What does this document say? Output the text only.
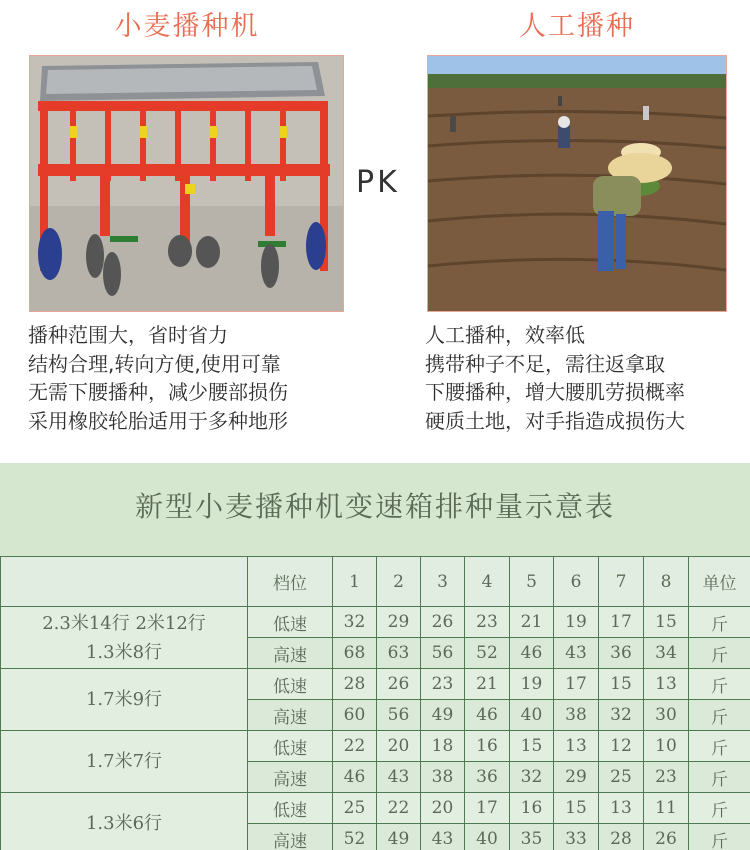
小麦播种机	人工播种
PK
播种范围大，省时省力
结构合理,转向方便,使用可靠
无需下腰播种，减少腰部损伤
采用橡胶轮胎适用于多种地形
人工播种，效率低
携带种子不足，需往返拿取
下腰播种，增大腰肌劳损概率
硬质土地，对手指造成损伤大
新型小麦播种机变速箱排种量示意表
	档位	1	2	3	4	5	6	7	8	单位

2.3米14行 2米12行
1.3米8行	低速	32	29	26	23	21	19	17	15	斤
	高速	68	63	56	52	46	43	36	34	斤

1.7米9行	低速	28	26	23	21	19	17	15	13	斤
	高速	60	56	49	46	40	38	32	30	斤

1.7米7行	低速	22	20	18	16	15	13	12	10	斤
	高速	46	43	38	36	32	29	25	23	斤

1.3米6行	低速	25	22	20	17	16	15	13	11	斤
	高速	52	49	43	40	35	33	28	26	斤
